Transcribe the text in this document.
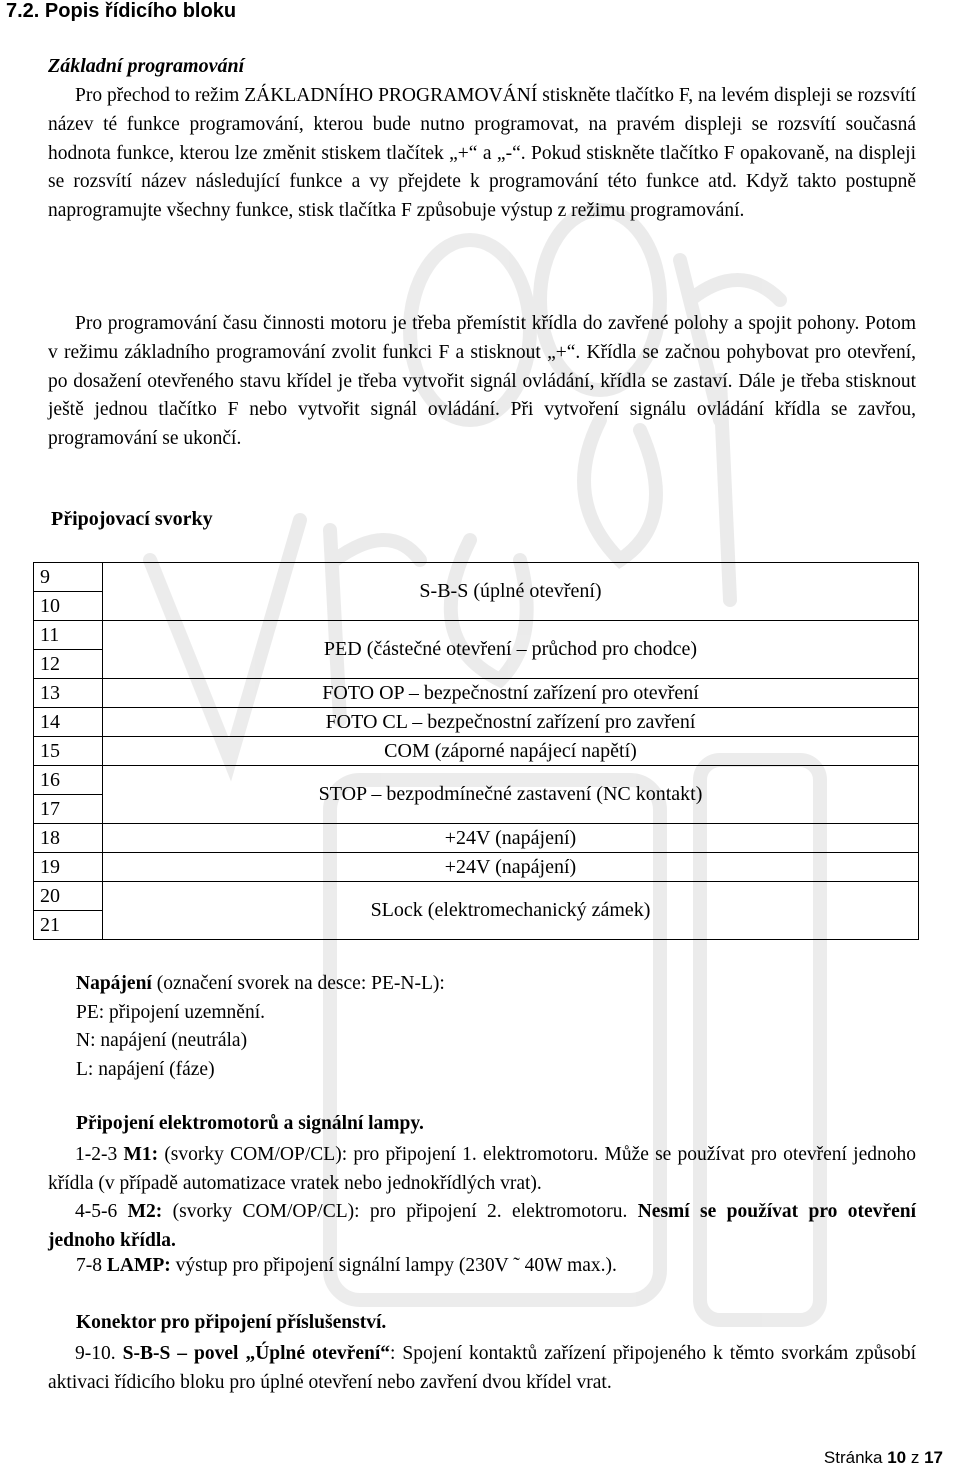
7.2. Popis řídicího bloku
Základní programování

Pro přechod to režim ZÁKLADNÍHO PROGRAMOVÁNÍ stiskněte tlačítko F, na levém displeji se rozsvítí název té funkce programování, kterou bude nutno programovat, na pravém displeji se rozsvítí současná hodnota funkce, kterou lze změnit stiskem tlačítek „+“ a „-“. Pokud stiskněte tlačítko F opakovaně, na displeji se rozsvítí název následující funkce a vy přejdete k programování této funkce atd. Když takto postupně naprogramujte všechny funkce, stisk tlačítka F způsobuje výstup z režimu programování.

Pro programování času činnosti motoru je třeba přemístit křídla do zavřené polohy a spojit pohony. Potom v režimu základního programování zvolit funkci F a stisknout „+“. Křídla se začnou pohybovat pro otevření, po dosažení otevřeného stavu křídel je třeba vytvořit signál ovládání, křídla se zastaví. Dále je třeba stisknout ještě jednou tlačítko F nebo vytvořit signál ovládání. Při vytvoření signálu ovládání křídla se zavřou, programování se ukončí.

Připojovací svorky
9	S-B-S (úplné otevření)
10	
11	PED (částečné otevření – průchod pro chodce)
12	
13	FOTO OP – bezpečnostní zařízení pro otevření
14	FOTO CL – bezpečnostní zařízení pro zavření
15	COM (záporné napájecí napětí)
16	STOP – bezpodmínečné zastavení (NC kontakt)
17	
18	+24V (napájení)
19	+24V (napájení)
20	SLock (elektromechanický zámek)
21	
Napájení (označení svorek na desce: PE-N-L):
PE: připojení uzemnění.
N: napájení (neutrála)
L: napájení (fáze)
Připojení elektromotorů a signální lampy.
1-2-3 M1: (svorky COM/OP/CL): pro připojení 1. elektromotoru. Může se používat pro otevření jednoho křídla (v případě automatizace vratek nebo jednokřídlých vrat).
4-5-6 M2: (svorky COM/OP/CL): pro připojení 2. elektromotoru. Nesmí se používat pro otevření jednoho křídla.
7-8 LAMP: výstup pro připojení signální lampy (230V ˜ 40W max.).
Konektor pro připojení příslušenství.
9-10. S-B-S – povel „Úplné otevření“: Spojení kontaktů zařízení připojeného k těmto svorkám způsobí aktivaci řídicího bloku pro úplné otevření nebo zavření dvou křídel vrat.
Stránka 10 z 17
